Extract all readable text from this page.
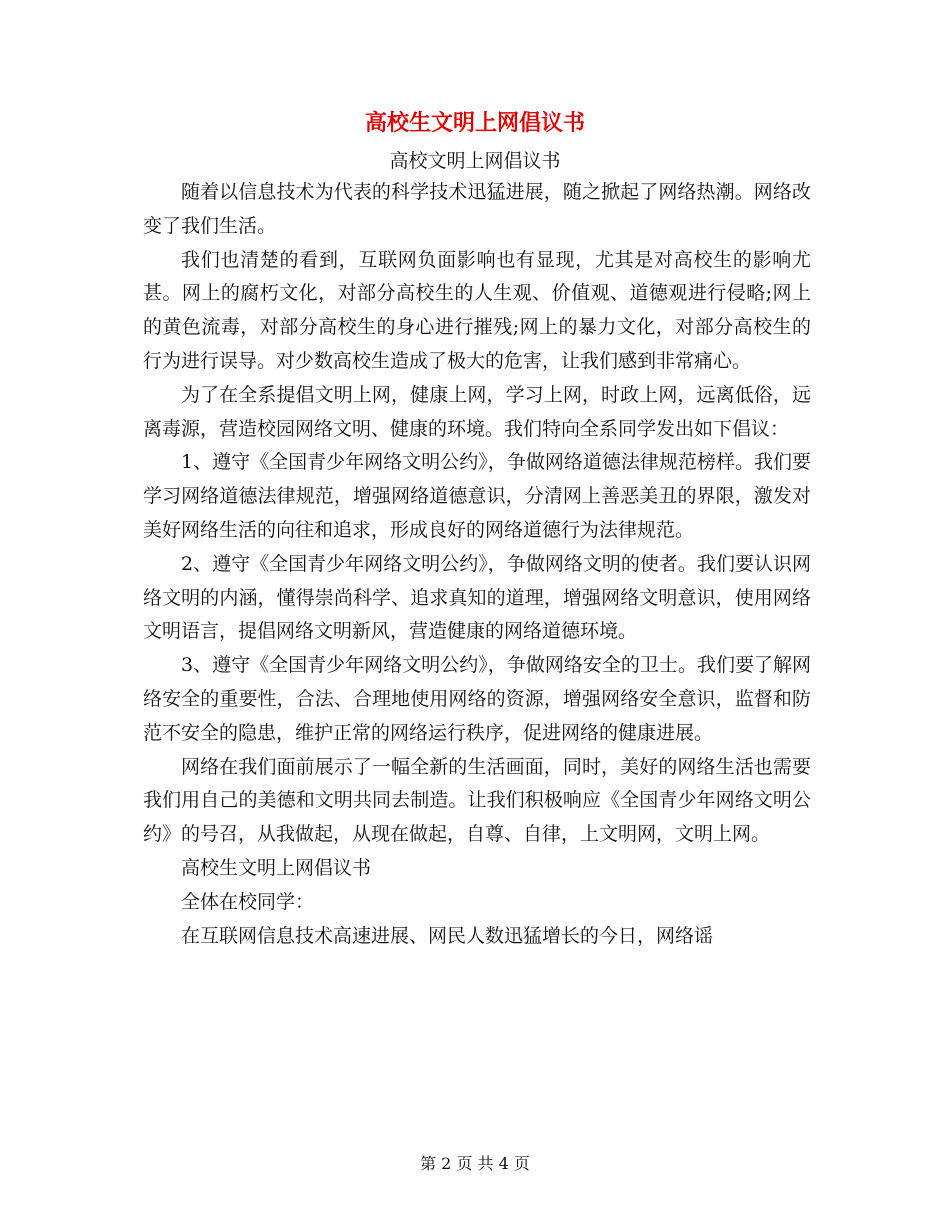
高校生文明上网倡议书
高校文明上网倡议书

随着以信息技术为代表的科学技术迅猛进展，随之掀起了网络热潮。网络改变了我们生活。

我们也清楚的看到，互联网负面影响也有显现，尤其是对高校生的影响尤甚。网上的腐朽文化，对部分高校生的人生观、价值观、道德观进行侵略;网上的黄色流毒，对部分高校生的身心进行摧残;网上的暴力文化，对部分高校生的行为进行误导。对少数高校生造成了极大的危害，让我们感到非常痛心。

为了在全系提倡文明上网，健康上网，学习上网，时政上网，远离低俗，远离毒源，营造校园网络文明、健康的环境。我们特向全系同学发出如下倡议：

1、遵守《全国青少年网络文明公约》，争做网络道德法律规范榜样。我们要学习网络道德法律规范，增强网络道德意识，分清网上善恶美丑的界限，激发对美好网络生活的向往和追求，形成良好的网络道德行为法律规范。

2、遵守《全国青少年网络文明公约》，争做网络文明的使者。我们要认识网络文明的内涵，懂得崇尚科学、追求真知的道理，增强网络文明意识，使用网络文明语言，提倡网络文明新风，营造健康的网络道德环境。

3、遵守《全国青少年网络文明公约》，争做网络安全的卫士。我们要了解网络安全的重要性，合法、合理地使用网络的资源，增强网络安全意识，监督和防范不安全的隐患，维护正常的网络运行秩序，促进网络的健康进展。

网络在我们面前展示了一幅全新的生活画面，同时，美好的网络生活也需要我们用自己的美德和文明共同去制造。让我们积极响应《全国青少年网络文明公约》的号召，从我做起，从现在做起，自尊、自律，上文明网，文明上网。

高校生文明上网倡议书

全体在校同学：

在互联网信息技术高速进展、网民人数迅猛增长的今日，网络谣

第 2 页 共 4 页
